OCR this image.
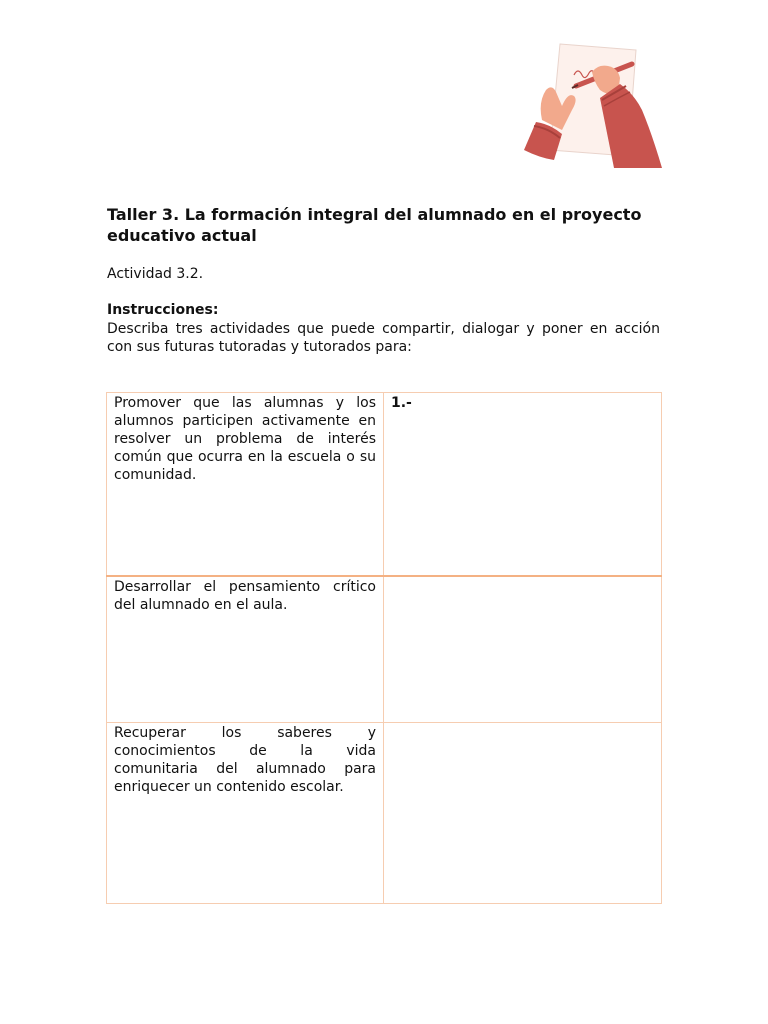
Taller 3. La formación integral del alumnado en el proyecto educativo actual

Actividad 3.2.

Instrucciones:

Describa tres actividades que puede compartir, dialogar y poner en acción con sus futuras tutoradas y tutorados para:

Promover que las alumnas y los alumnos participen activamente en resolver un problema de interés común que ocurra en la escuela o su comunidad.	1.-
Desarrollar el pensamiento crítico del alumnado en el aula.	
Recuperar los saberes y conocimientos de la vida comunitaria del alumnado para enriquecer un contenido escolar.	
